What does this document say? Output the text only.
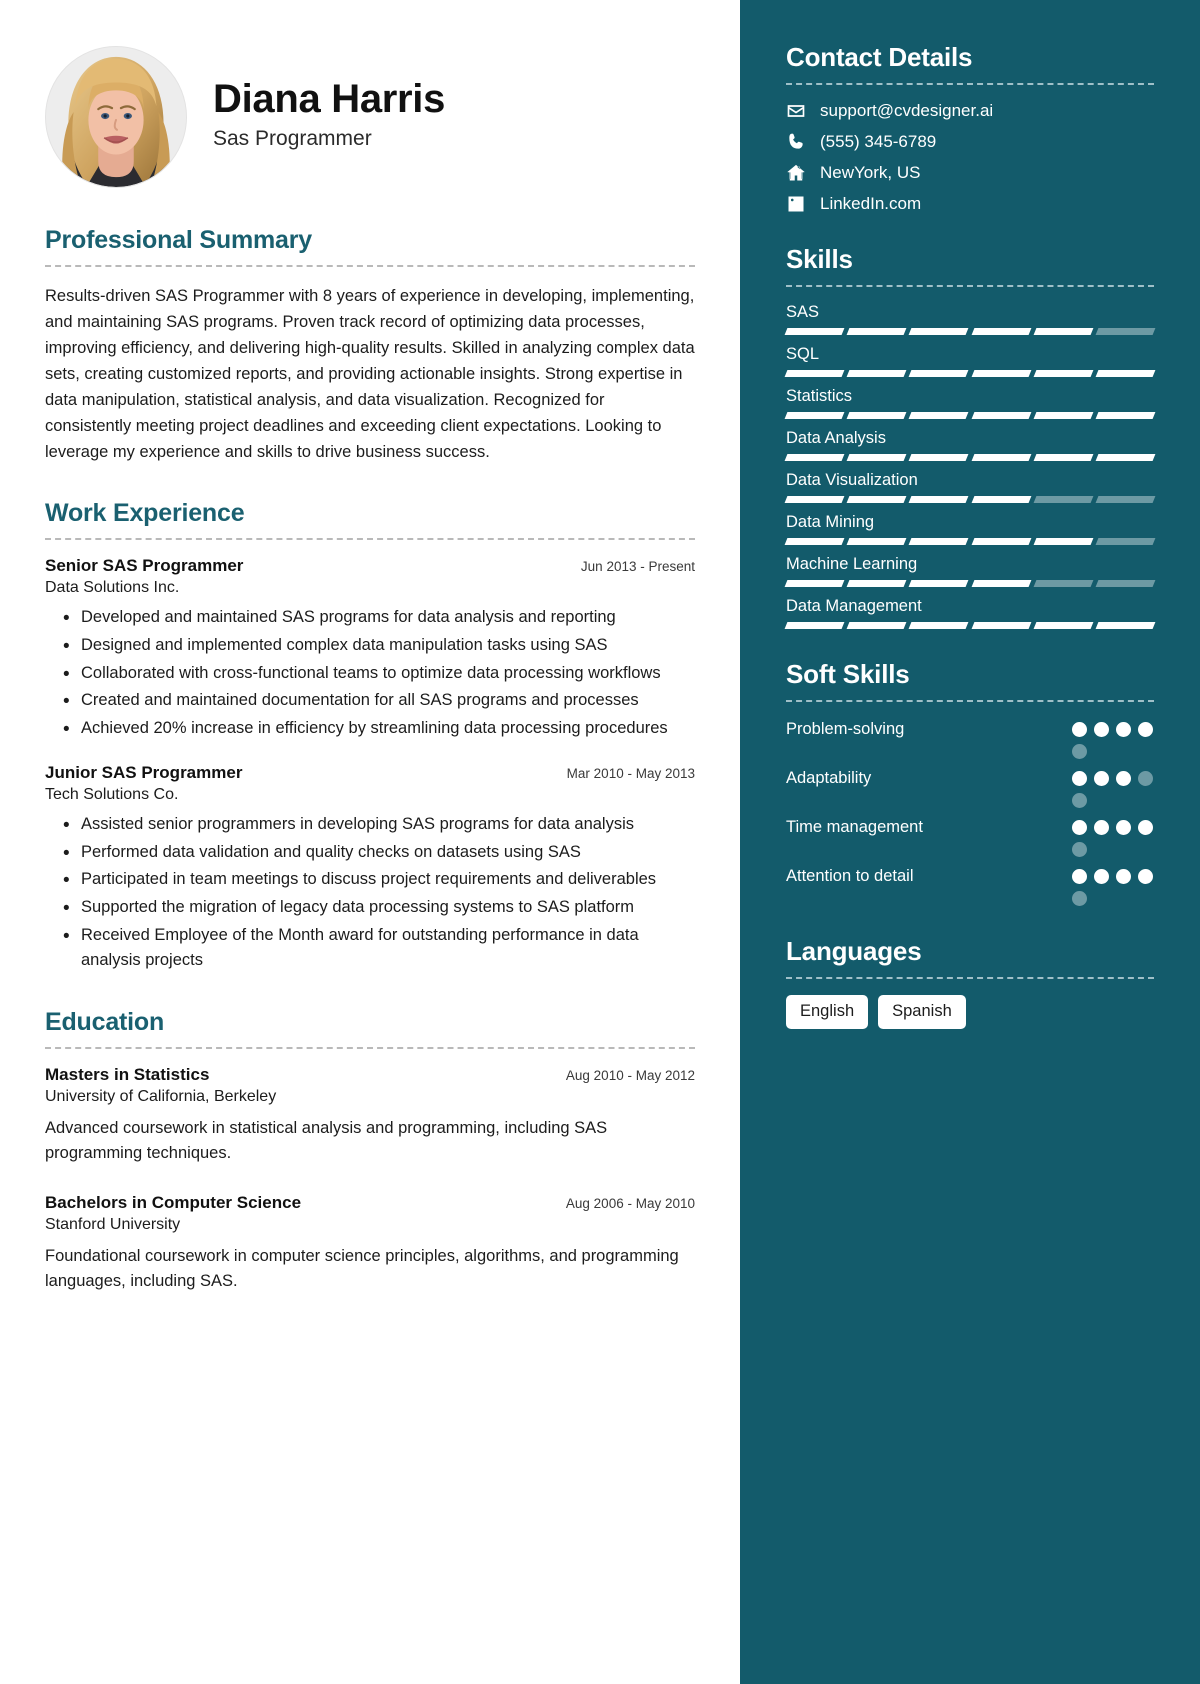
Diana Harris
Sas Programmer
Professional Summary

Results-driven SAS Programmer with 8 years of experience in developing, implementing, and maintaining SAS programs. Proven track record of optimizing data processes, improving efficiency, and delivering high-quality results. Skilled in analyzing complex data sets, creating customized reports, and providing actionable insights. Strong expertise in data manipulation, statistical analysis, and data visualization. Recognized for consistently meeting project deadlines and exceeding client expectations. Looking to leverage my experience and skills to drive business success.

Work Experience
Senior SAS Programmer	Jun 2013 - Present
Data Solutions Inc.
• Developed and maintained SAS programs for data analysis and reporting
• Designed and implemented complex data manipulation tasks using SAS
• Collaborated with cross-functional teams to optimize data processing workflows
• Created and maintained documentation for all SAS programs and processes
• Achieved 20% increase in efficiency by streamlining data processing procedures
Junior SAS Programmer	Mar 2010 - May 2013
Tech Solutions Co.
• Assisted senior programmers in developing SAS programs for data analysis
• Performed data validation and quality checks on datasets using SAS
• Participated in team meetings to discuss project requirements and deliverables
• Supported the migration of legacy data processing systems to SAS platform
• Received Employee of the Month award for outstanding performance in data analysis projects
Education
Masters in Statistics	Aug 2010 - May 2012
University of California, Berkeley
Advanced coursework in statistical analysis and programming, including SAS programming techniques.
Bachelors in Computer Science	Aug 2006 - May 2010
Stanford University
Foundational coursework in computer science principles, algorithms, and programming languages, including SAS.
Contact Details
support@cvdesigner.ai
(555) 345-6789
NewYork, US
LinkedIn.com
Skills
SAS
SQL
Statistics
Data Analysis
Data Visualization
Data Mining
Machine Learning
Data Management
Soft Skills
Problem-solving
Adaptability
Time management
Attention to detail
Languages
English	Spanish
